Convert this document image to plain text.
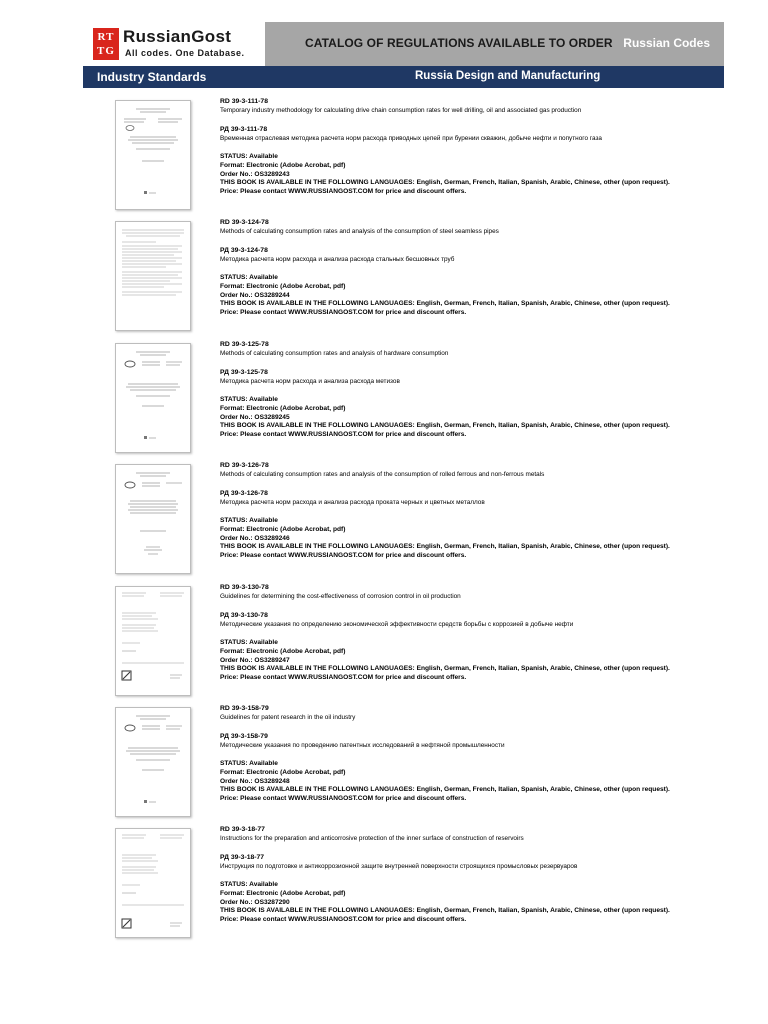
RT
TG
RussianGost
All codes. One Database.
CATALOG OF REGULATIONS AVAILABLE TO ORDER Russian Codes
Industry Standards	Russia Design and Manufacturing
RD 39-3-111-78
Temporary industry methodology for calculating drive chain consumption rates for well drilling, oil and associated gas production
РД 39-3-111-78
Временная отраслевая методика расчета норм расхода приводных цепей при бурении скважин, добыче нефти и попутного газа
STATUS: Available
Format: Electronic (Adobe Acrobat, pdf)
Order No.: OS3289243
THIS BOOK IS AVAILABLE IN THE FOLLOWING LANGUAGES: English, German, French, Italian, Spanish, Arabic, Chinese, other (upon request).
Price: Please contact WWW.RUSSIANGOST.COM for price and discount offers.
RD 39-3-124-78
Methods of calculating consumption rates and analysis of the consumption of steel seamless pipes
РД 39-3-124-78
Методика расчета норм расхода и анализа расхода стальных бесшовных труб
STATUS: Available
Format: Electronic (Adobe Acrobat, pdf)
Order No.: OS3289244
THIS BOOK IS AVAILABLE IN THE FOLLOWING LANGUAGES: English, German, French, Italian, Spanish, Arabic, Chinese, other (upon request).
Price: Please contact WWW.RUSSIANGOST.COM for price and discount offers.
RD 39-3-125-78
Methods of calculating consumption rates and analysis of hardware consumption
РД 39-3-125-78
Методика расчета норм расхода и анализа расхода метизов
STATUS: Available
Format: Electronic (Adobe Acrobat, pdf)
Order No.: OS3289245
THIS BOOK IS AVAILABLE IN THE FOLLOWING LANGUAGES: English, German, French, Italian, Spanish, Arabic, Chinese, other (upon request).
Price: Please contact WWW.RUSSIANGOST.COM for price and discount offers.
RD 39-3-126-78
Methods of calculating consumption rates and analysis of the consumption of rolled ferrous and non-ferrous metals
РД 39-3-126-78
Методика расчета норм расхода и анализа расхода проката черных и цветных металлов
STATUS: Available
Format: Electronic (Adobe Acrobat, pdf)
Order No.: OS3289246
THIS BOOK IS AVAILABLE IN THE FOLLOWING LANGUAGES: English, German, French, Italian, Spanish, Arabic, Chinese, other (upon request).
Price: Please contact WWW.RUSSIANGOST.COM for price and discount offers.
RD 39-3-130-78
Guidelines for determining the cost-effectiveness of corrosion control in oil production
РД 39-3-130-78
Методические указания по определению экономической эффективности средств борьбы с коррозией в добыче нефти
STATUS: Available
Format: Electronic (Adobe Acrobat, pdf)
Order No.: OS3289247
THIS BOOK IS AVAILABLE IN THE FOLLOWING LANGUAGES: English, German, French, Italian, Spanish, Arabic, Chinese, other (upon request).
Price: Please contact WWW.RUSSIANGOST.COM for price and discount offers.
RD 39-3-158-79
Guidelines for patent research in the oil industry
РД 39-3-158-79
Методические указания по проведению патентных исследований в нефтяной промышленности
STATUS: Available
Format: Electronic (Adobe Acrobat, pdf)
Order No.: OS3289248
THIS BOOK IS AVAILABLE IN THE FOLLOWING LANGUAGES: English, German, French, Italian, Spanish, Arabic, Chinese, other (upon request).
Price: Please contact WWW.RUSSIANGOST.COM for price and discount offers.
RD 39-3-18-77
Instructions for the preparation and anticorrosive protection of the inner surface of construction of reservoirs
РД 39-3-18-77
Инструкция по подготовке и антикоррозионной защите внутренней поверхности строящихся промысловых резервуаров
STATUS: Available
Format: Electronic (Adobe Acrobat, pdf)
Order No.: OS3287290
THIS BOOK IS AVAILABLE IN THE FOLLOWING LANGUAGES: English, German, French, Italian, Spanish, Arabic, Chinese, other (upon request).
Price: Please contact WWW.RUSSIANGOST.COM for price and discount offers.
